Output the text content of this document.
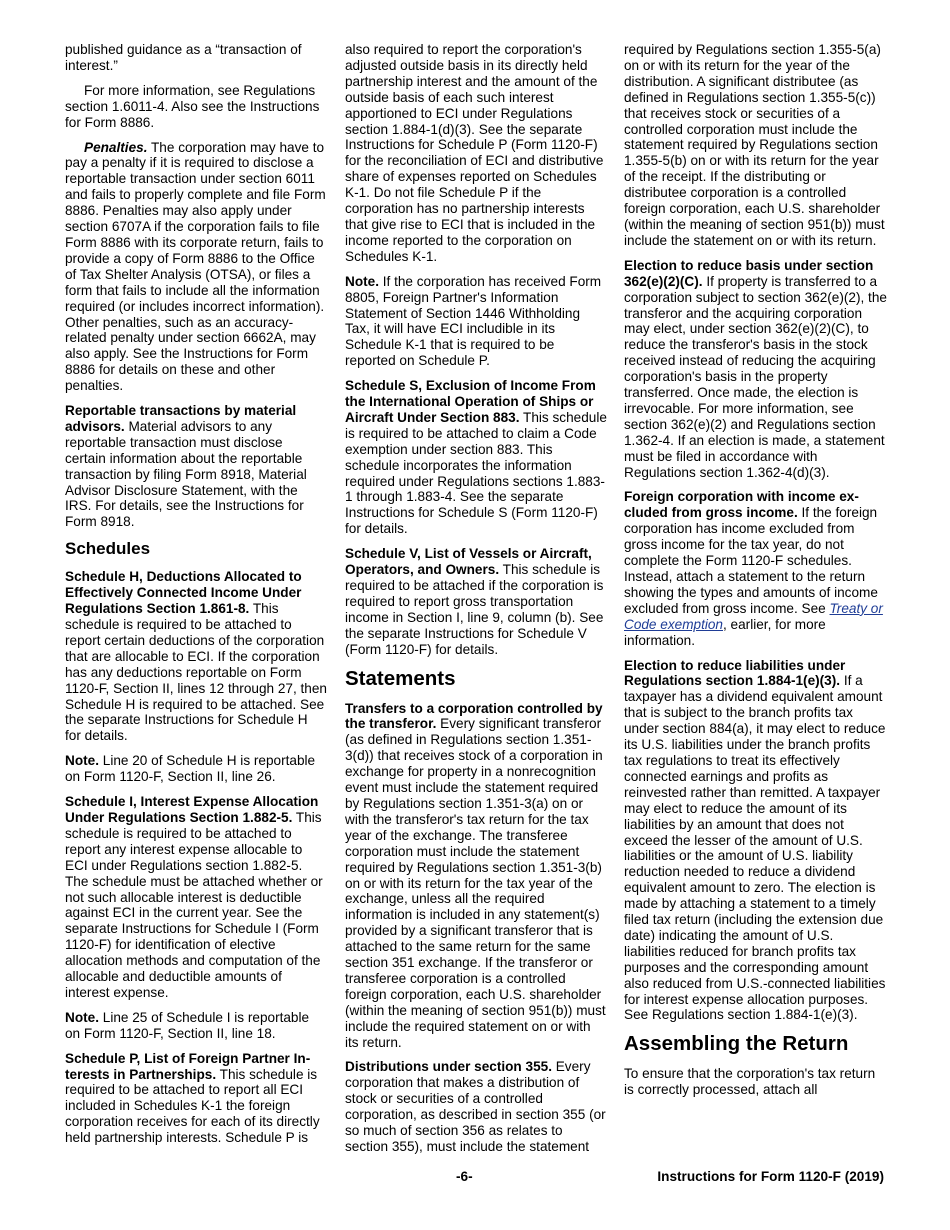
published guidance as a “transaction of interest.”

For more information, see Regulations section 1.6011-4. Also see the Instructions for Form 8886.

Penalties. The corporation may have to pay a penalty if it is required to disclose a reportable transaction under section 6011 and fails to properly complete and file Form 8886. Penalties may also apply under section 6707A if the corporation fails to file Form 8886 with its corporate return, fails to provide a copy of Form 8886 to the Office of Tax Shelter Analysis (OTSA), or files a form that fails to include all the information required (or includes incorrect information). Other penalties, such as an accuracy-related penalty under section 6662A, may also apply. See the Instructions for Form 8886 for details on these and other penalties.

Reportable transactions by material advisors. Material advisors to any reportable transaction must disclose certain information about the reportable transaction by filing Form 8918, Material Advisor Disclosure Statement, with the IRS. For details, see the Instructions for Form 8918.

Schedules

Schedule H, Deductions Allocated to Effectively Connected Income Under Regulations Section 1.861-8. This schedule is required to be attached to report certain deductions of the corporation that are allocable to ECI. If the corporation has any deductions reportable on Form 1120-F, Section II, lines 12 through 27, then Schedule H is required to be attached. See the separate Instructions for Schedule H for details.

Note. Line 20 of Schedule H is reportable on Form 1120-F, Section II, line 26.

Schedule I, Interest Expense Allocation Under Regulations Section 1.882-5. This schedule is required to be attached to report any interest expense allocable to ECI under Regulations section 1.882-5. The schedule must be attached whether or not such allocable interest is deductible against ECI in the current year. See the separate Instructions for Schedule I (Form 1120-F) for identification of elective allocation methods and computation of the allocable and deductible amounts of interest expense.

Note. Line 25 of Schedule I is reportable on Form 1120-F, Section II, line 18.

Schedule P, List of Foreign Partner Interests in Partnerships. This schedule is required to be attached to report all ECI included in Schedules K-1 the foreign corporation receives for each of its directly held partnership interests. Schedule P is

also required to report the corporation's adjusted outside basis in its directly held partnership interest and the amount of the outside basis of each such interest apportioned to ECI under Regulations section 1.884-1(d)(3). See the separate Instructions for Schedule P (Form 1120-F) for the reconciliation of ECI and distributive share of expenses reported on Schedules K-1. Do not file Schedule P if the corporation has no partnership interests that give rise to ECI that is included in the income reported to the corporation on Schedules K-1.

Note. If the corporation has received Form 8805, Foreign Partner's Information Statement of Section 1446 Withholding Tax, it will have ECI includible in its Schedule K-1 that is required to be reported on Schedule P.

Schedule S, Exclusion of Income From the International Operation of Ships or Aircraft Under Section 883. This schedule is required to be attached to claim a Code exemption under section 883. This schedule incorporates the information required under Regulations sections 1.883-1 through 1.883-4. See the separate Instructions for Schedule S (Form 1120-F) for details.

Schedule V, List of Vessels or Aircraft, Operators, and Owners. This schedule is required to be attached if the corporation is required to report gross transportation income in Section I, line 9, column (b). See the separate Instructions for Schedule V (Form 1120-F) for details.

Statements

Transfers to a corporation controlled by the transferor. Every significant transferor (as defined in Regulations section 1.351-3(d)) that receives stock of a corporation in exchange for property in a nonrecognition event must include the statement required by Regulations section 1.351-3(a) on or with the transferor's tax return for the tax year of the exchange. The transferee corporation must include the statement required by Regulations section 1.351-3(b) on or with its return for the tax year of the exchange, unless all the required information is included in any statement(s) provided by a significant transferor that is attached to the same return for the same section 351 exchange. If the transferor or transferee corporation is a controlled foreign corporation, each U.S. shareholder (within the meaning of section 951(b)) must include the required statement on or with its return.

Distributions under section 355. Every corporation that makes a distribution of stock or securities of a controlled corporation, as described in section 355 (or so much of section 356 as relates to section 355), must include the statement

required by Regulations section 1.355-5(a) on or with its return for the year of the distribution. A significant distributee (as defined in Regulations section 1.355-5(c)) that receives stock or securities of a controlled corporation must include the statement required by Regulations section 1.355-5(b) on or with its return for the year of the receipt. If the distributing or distributee corporation is a controlled foreign corporation, each U.S. shareholder (within the meaning of section 951(b)) must include the statement on or with its return.

Election to reduce basis under section 362(e)(2)(C). If property is transferred to a corporation subject to section 362(e)(2), the transferor and the acquiring corporation may elect, under section 362(e)(2)(C), to reduce the transferor's basis in the stock received instead of reducing the acquiring corporation's basis in the property transferred. Once made, the election is irrevocable. For more information, see section 362(e)(2) and Regulations section 1.362-4. If an election is made, a statement must be filed in accordance with Regulations section 1.362-4(d)(3).

Foreign corporation with income excluded from gross income. If the foreign corporation has income excluded from gross income for the tax year, do not complete the Form 1120-F schedules. Instead, attach a statement to the return showing the types and amounts of income excluded from gross income. See Treaty or Code exemption, earlier, for more information.

Election to reduce liabilities under Regulations section 1.884-1(e)(3). If a taxpayer has a dividend equivalent amount that is subject to the branch profits tax under section 884(a), it may elect to reduce its U.S. liabilities under the branch profits tax regulations to treat its effectively connected earnings and profits as reinvested rather than remitted. A taxpayer may elect to reduce the amount of its liabilities by an amount that does not exceed the lesser of the amount of U.S. liabilities or the amount of U.S. liability reduction needed to reduce a dividend equivalent amount to zero. The election is made by attaching a statement to a timely filed tax return (including the extension due date) indicating the amount of U.S. liabilities reduced for branch profits tax purposes and the corresponding amount also reduced from U.S.-connected liabilities for interest expense allocation purposes. See Regulations section 1.884-1(e)(3).

Assembling the Return

To ensure that the corporation's tax return is correctly processed, attach all

-6-	Instructions for Form 1120-F (2019)
